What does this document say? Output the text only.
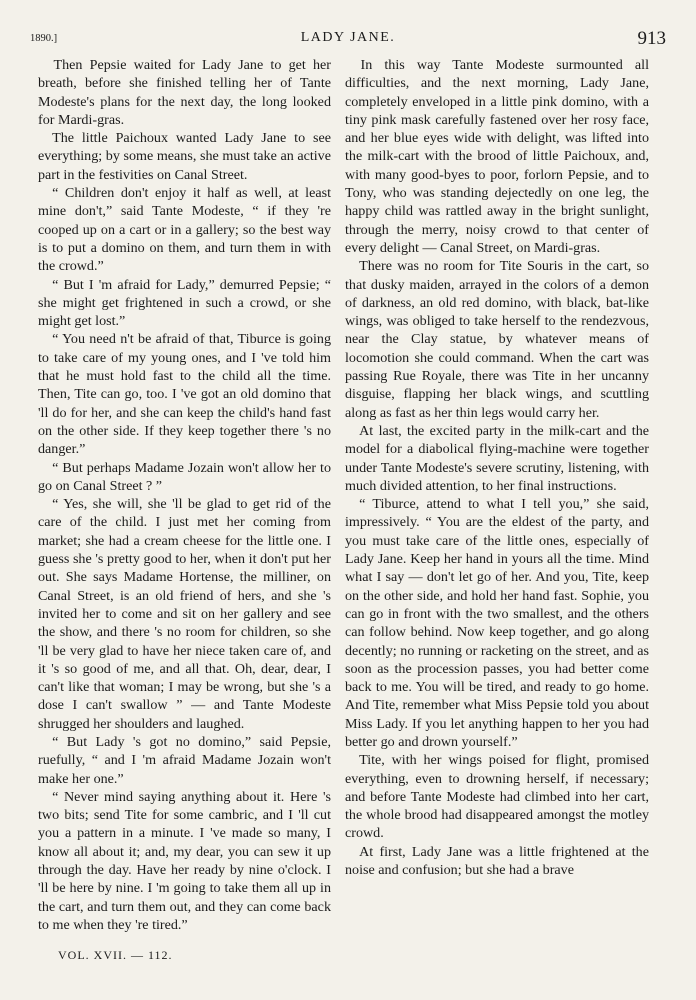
1890.]	LADY JANE.	913

Then Pepsie waited for Lady Jane to get her breath, before she finished telling her of Tante Modeste's plans for the next day, the long looked for Mardi-gras.

The little Paichoux wanted Lady Jane to see everything; by some means, she must take an active part in the festivities on Canal Street.

“ Children don't enjoy it half as well, at least mine don't,” said Tante Modeste, “ if they 're cooped up on a cart or in a gallery; so the best way is to put a domino on them, and turn them in with the crowd.”

“ But I 'm afraid for Lady,” demurred Pepsie; “ she might get frightened in such a crowd, or she might get lost.”

“ You need n't be afraid of that, Tiburce is going to take care of my young ones, and I 've told him that he must hold fast to the child all the time. Then, Tite can go, too. I 've got an old domino that 'll do for her, and she can keep the child's hand fast on the other side. If they keep together there 's no danger.”

“ But perhaps Madame Jozain won't allow her to go on Canal Street ? ”

“ Yes, she will, she 'll be glad to get rid of the care of the child. I just met her coming from market; she had a cream cheese for the little one. I guess she 's pretty good to her, when it don't put her out. She says Madame Hortense, the milliner, on Canal Street, is an old friend of hers, and she 's invited her to come and sit on her gallery and see the show, and there 's no room for children, so she 'll be very glad to have her niece taken care of, and it 's so good of me, and all that. Oh, dear, dear, I can't like that woman; I may be wrong, but she 's a dose I can't swallow ” — and Tante Modeste shrugged her shoulders and laughed.

“ But Lady 's got no domino,” said Pepsie, ruefully, “ and I 'm afraid Madame Jozain won't make her one.”

“ Never mind saying anything about it. Here 's two bits; send Tite for some cambric, and I 'll cut you a pattern in a minute. I 've made so many, I know all about it; and, my dear, you can sew it up through the day. Have her ready by nine o'clock. I 'll be here by nine. I 'm going to take them all up in the cart, and turn them out, and they can come back to me when they 're tired.”

In this way Tante Modeste surmounted all difficulties, and the next morning, Lady Jane, completely enveloped in a little pink domino, with a tiny pink mask carefully fastened over her rosy face, and her blue eyes wide with delight, was lifted into the milk-cart with the brood of little Paichoux, and, with many good-byes to poor, forlorn Pepsie, and to Tony, who was standing dejectedly on one leg, the happy child was rattled away in the bright sunlight, through the merry, noisy crowd to that center of every delight — Canal Street, on Mardi-gras.

There was no room for Tite Souris in the cart, so that dusky maiden, arrayed in the colors of a demon of darkness, an old red domino, with black, bat-like wings, was obliged to take herself to the rendezvous, near the Clay statue, by whatever means of locomotion she could command. When the cart was passing Rue Royale, there was Tite in her uncanny disguise, flapping her black wings, and scuttling along as fast as her thin legs would carry her.

At last, the excited party in the milk-cart and the model for a diabolical flying-machine were together under Tante Modeste's severe scrutiny, listening, with much divided attention, to her final instructions.

“ Tiburce, attend to what I tell you,” she said, impressively. “ You are the eldest of the party, and you must take care of the little ones, especially of Lady Jane. Keep her hand in yours all the time. Mind what I say — don't let go of her. And you, Tite, keep on the other side, and hold her hand fast. Sophie, you can go in front with the two smallest, and the others can follow behind. Now keep together, and go along decently; no running or racketing on the street, and as soon as the procession passes, you had better come back to me. You will be tired, and ready to go home. And Tite, remember what Miss Pepsie told you about Miss Lady. If you let anything happen to her you had better go and drown yourself.”

Tite, with her wings poised for flight, promised everything, even to drowning herself, if necessary; and before Tante Modeste had climbed into her cart, the whole brood had disappeared amongst the motley crowd.

At first, Lady Jane was a little frightened at the noise and confusion; but she had a brave

VOL. XVII. — 112.
